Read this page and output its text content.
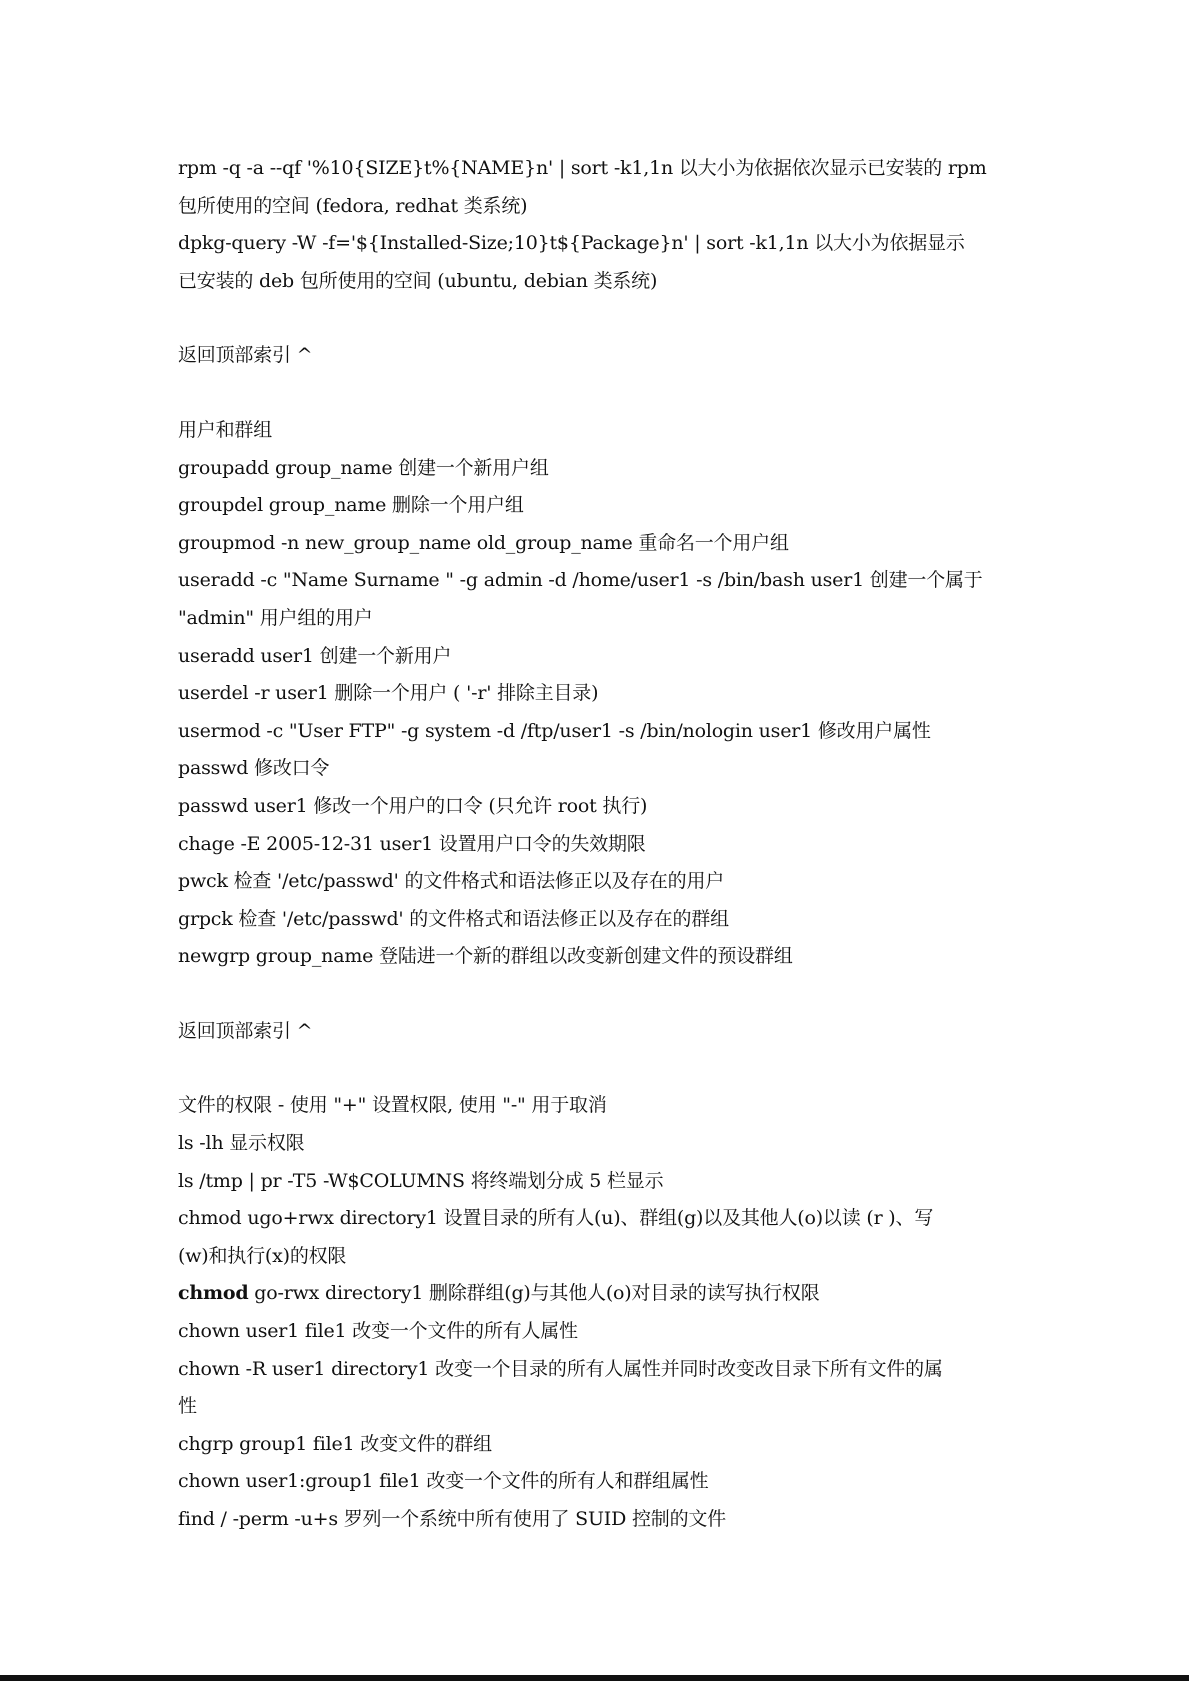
rpm -q -a --qf '%10{SIZE}t%{NAME}n' | sort -k1,1n 以大小为依据依次显示已安装的 rpm
包所使用的空间 (fedora, redhat 类系统)
dpkg-query -W -f='${Installed-Size;10}t${Package}n' | sort -k1,1n 以大小为依据显示
已安装的 deb 包所使用的空间 (ubuntu, debian 类系统)
返回顶部索引 ^
用户和群组
groupadd group_name 创建一个新用户组
groupdel group_name 删除一个用户组
groupmod -n new_group_name old_group_name 重命名一个用户组
useradd -c "Name Surname " -g admin -d /home/user1 -s /bin/bash user1 创建一个属于
"admin" 用户组的用户
useradd user1 创建一个新用户
userdel -r user1 删除一个用户 ( '-r' 排除主目录)
usermod -c "User FTP" -g system -d /ftp/user1 -s /bin/nologin user1 修改用户属性
passwd 修改口令
passwd user1 修改一个用户的口令 (只允许 root 执行)
chage -E 2005-12-31 user1 设置用户口令的失效期限
pwck 检查 '/etc/passwd' 的文件格式和语法修正以及存在的用户
grpck 检查 '/etc/passwd' 的文件格式和语法修正以及存在的群组
newgrp group_name 登陆进一个新的群组以改变新创建文件的预设群组
返回顶部索引 ^
文件的权限 - 使用 "+" 设置权限, 使用 "-" 用于取消
ls -lh 显示权限
ls /tmp | pr -T5 -W$COLUMNS 将终端划分成 5 栏显示
chmod ugo+rwx directory1 设置目录的所有人(u)、群组(g)以及其他人(o)以读 (r )、写
(w)和执行(x)的权限
chmod go-rwx directory1 删除群组(g)与其他人(o)对目录的读写执行权限
chown user1 file1 改变一个文件的所有人属性
chown -R user1 directory1 改变一个目录的所有人属性并同时改变改目录下所有文件的属
性
chgrp group1 file1 改变文件的群组
chown user1:group1 file1 改变一个文件的所有人和群组属性
find / -perm -u+s 罗列一个系统中所有使用了 SUID 控制的文件
